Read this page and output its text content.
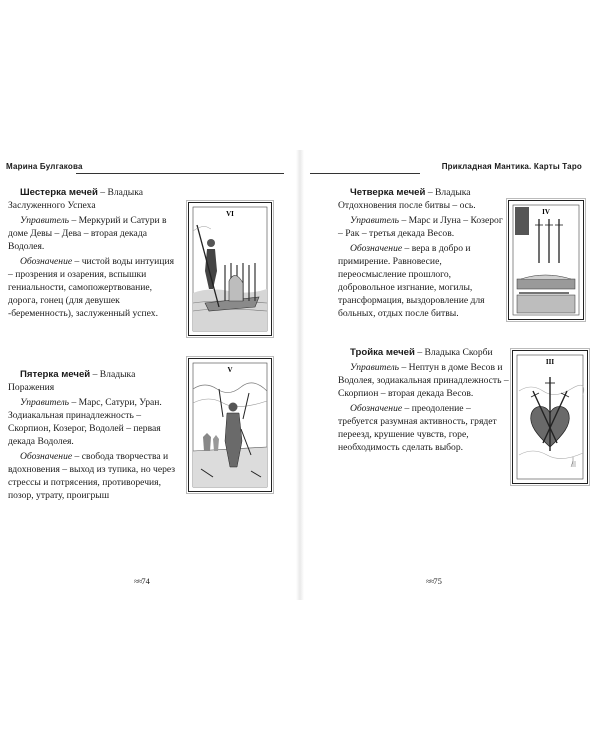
Марина Булгакова

Шестерка мечей – Владыка Заслуженного Успеха

Управитель – Меркурий и Сатури в доме Девы – Дева – вторая декада Водолея.

Обозначение – чистой воды интуиция – прозрения и озарения, вспышки гениальности, самопожертвование, дорога, гонец (для девушек -беременность), заслуженный успех.

VI

Пятерка мечей – Владыка Поражения

Управитель – Марс, Сатури, Уран. Зодиакальная принадлежность – Скорпион, Козерог, Водолей – первая декада Водолея.

Обозначение – свобода творчества и вдохновения – выход из тупика, но через стрессы и потрясения, противоречия, позор, утрату, проигрыш

V
≈≈74
Прикладная Мантика. Карты Таро
IV

Четверка мечей – Владыка Отдохновения после битвы – ось.

Управитель – Марс и Луна – Козерог – Рак – третья декада Весов.

Обозначение – вера в добро и примирение. Равновесие, переосмысление прошлого, добровольное изгнание, могилы, трансформация, выздоровление для больных, отдых после битвы.

Тройка мечей – Владыка Скорби

Управитель – Нептун в доме Весов и Водолея, зодиакальная принадлежность – Скорпион – вторая декада Весов.

Обозначение – преодоление – требуется разумная активность, грядет переезд, крушение чувств, горе, необходимость сделать выбор.

III
≈≈75
